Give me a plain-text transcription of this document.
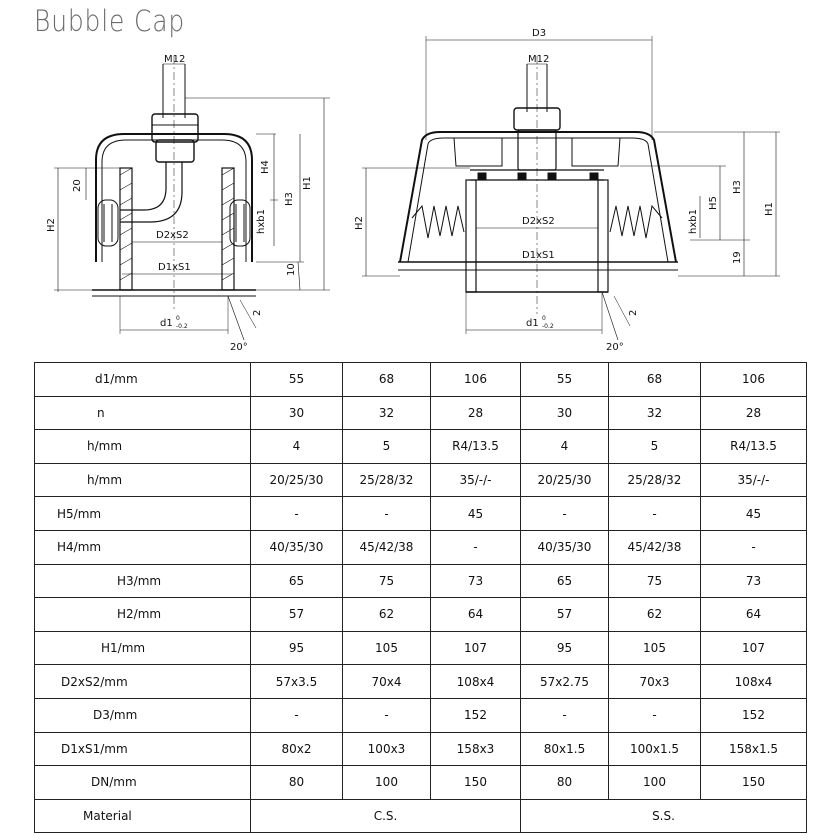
Bubble Cap
M12
H1
H2
H3
H4
20
10
hxb1
D2xS2
D1xS1
d1 0
-0.2
2
20°
D3
M12
H1
H2
H3
H5
19
hxb1
D2xS2
D1xS1
d1 0
-0.2
2
20°
d1/mm	55	68	106	55	68	106
n	30	32	28	30	32	28
h/mm	4	5	R4/13.5	4	5	R4/13.5
h/mm	20/25/30	25/28/32	35/-/-	20/25/30	25/28/32	35/-/-
H5/mm	-	-	45	-	-	45
H4/mm	40/35/30	45/42/38	-	40/35/30	45/42/38	-
H3/mm	65	75	73	65	75	73
H2/mm	57	62	64	57	62	64
H1/mm	95	105	107	95	105	107
D2xS2/mm	57x3.5	70x4	108x4	57x2.75	70x3	108x4
D3/mm	-	-	152	-	-	152
D1xS1/mm	80x2	100x3	158x3	80x1.5	100x1.5	158x1.5
DN/mm	80	100	150	80	100	150
Material	C.S.			S.S.		
